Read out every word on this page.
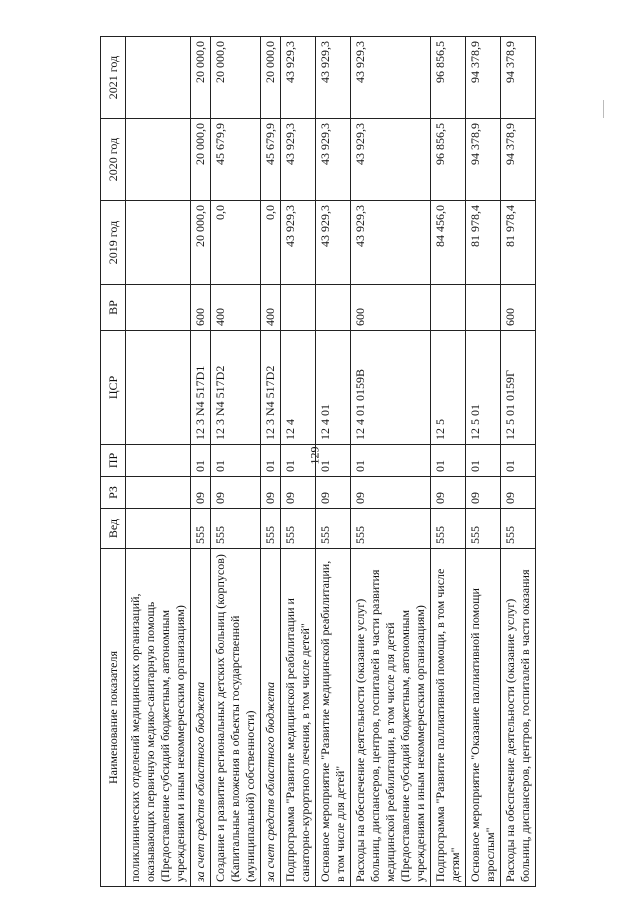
129
Наименование показателя	Вед	РЗ	ПР	ЦСР	ВР	2019 год	2020 год	2021 год
поликлинических отделений медицинских организаций, оказывающих первичную медико-санитарную помощь (Предоставление субсидий бюджетным, автономным учреждениям и иным некоммерческим организациям)								
за счет средств областного бюджета	555	09	01	12 3 N4 517D1	600	20 000,0	20 000,0	20 000,0
Создание и развитие региональных детских больниц (корпусов) (Капитальные вложения в объекты государственной (муниципальной) собственности)	555	09	01	12 3 N4 517D2	400	0,0	45 679,9	20 000,0
за счет средств областного бюджета	555	09	01	12 3 N4 517D2	400	0,0	45 679,9	20 000,0
Подпрограмма "Развитие медицинской реабилитации и санаторно-курортного лечения, в том числе детей"	555	09	01	12 4		43 929,3	43 929,3	43 929,3
Основное мероприятие "Развитие медицинской реабилитации, в том числе для детей"	555	09	01	12 4 01		43 929,3	43 929,3	43 929,3
Расходы на обеспечение деятельности (оказание услуг) больниц, диспансеров, центров, госпиталей в части развития медицинской реабилитации, в том числе для детей (Предоставление субсидий бюджетным, автономным учреждениям и иным некоммерческим организациям)	555	09	01	12 4 01 0159В	600	43 929,3	43 929,3	43 929,3
Подпрограмма "Развитие паллиативной помощи, в том числе детям"	555	09	01	12 5		84 456,0	96 856,5	96 856,5
Основное мероприятие "Оказание паллиативной помощи взрослым"	555	09	01	12 5 01		81 978,4	94 378,9	94 378,9
Расходы на обеспечение деятельности (оказание услуг) больниц, диспансеров, центров, госпиталей в части оказания	555	09	01	12 5 01 0159Г	600	81 978,4	94 378,9	94 378,9
